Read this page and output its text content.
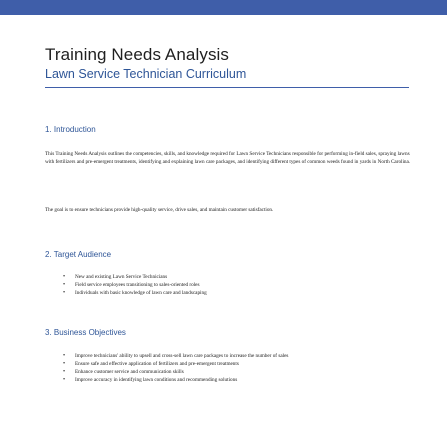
Training Needs Analysis
Lawn Service Technician Curriculum
1. Introduction
This Training Needs Analysis outlines the competencies, skills, and knowledge required for Lawn Service Technicians responsible for performing in-field sales, spraying lawns with fertilizers and pre-emergent treatments, identifying and explaining lawn care packages, and identifying different types of common weeds found in yards in North Carolina.
The goal is to ensure technicians provide high-quality service, drive sales, and maintain customer satisfaction.
2. Target Audience
• New and existing Lawn Service Technicians
• Field service employees transitioning to sales-oriented roles
• Individuals with basic knowledge of lawn care and landscaping
3. Business Objectives
• Improve technicians' ability to upsell and cross-sell lawn care packages to increase the number of sales
• Ensure safe and effective application of fertilizers and pre-emergent treatments
• Enhance customer service and communication skills
• Improve accuracy in identifying lawn conditions and recommending solutions
